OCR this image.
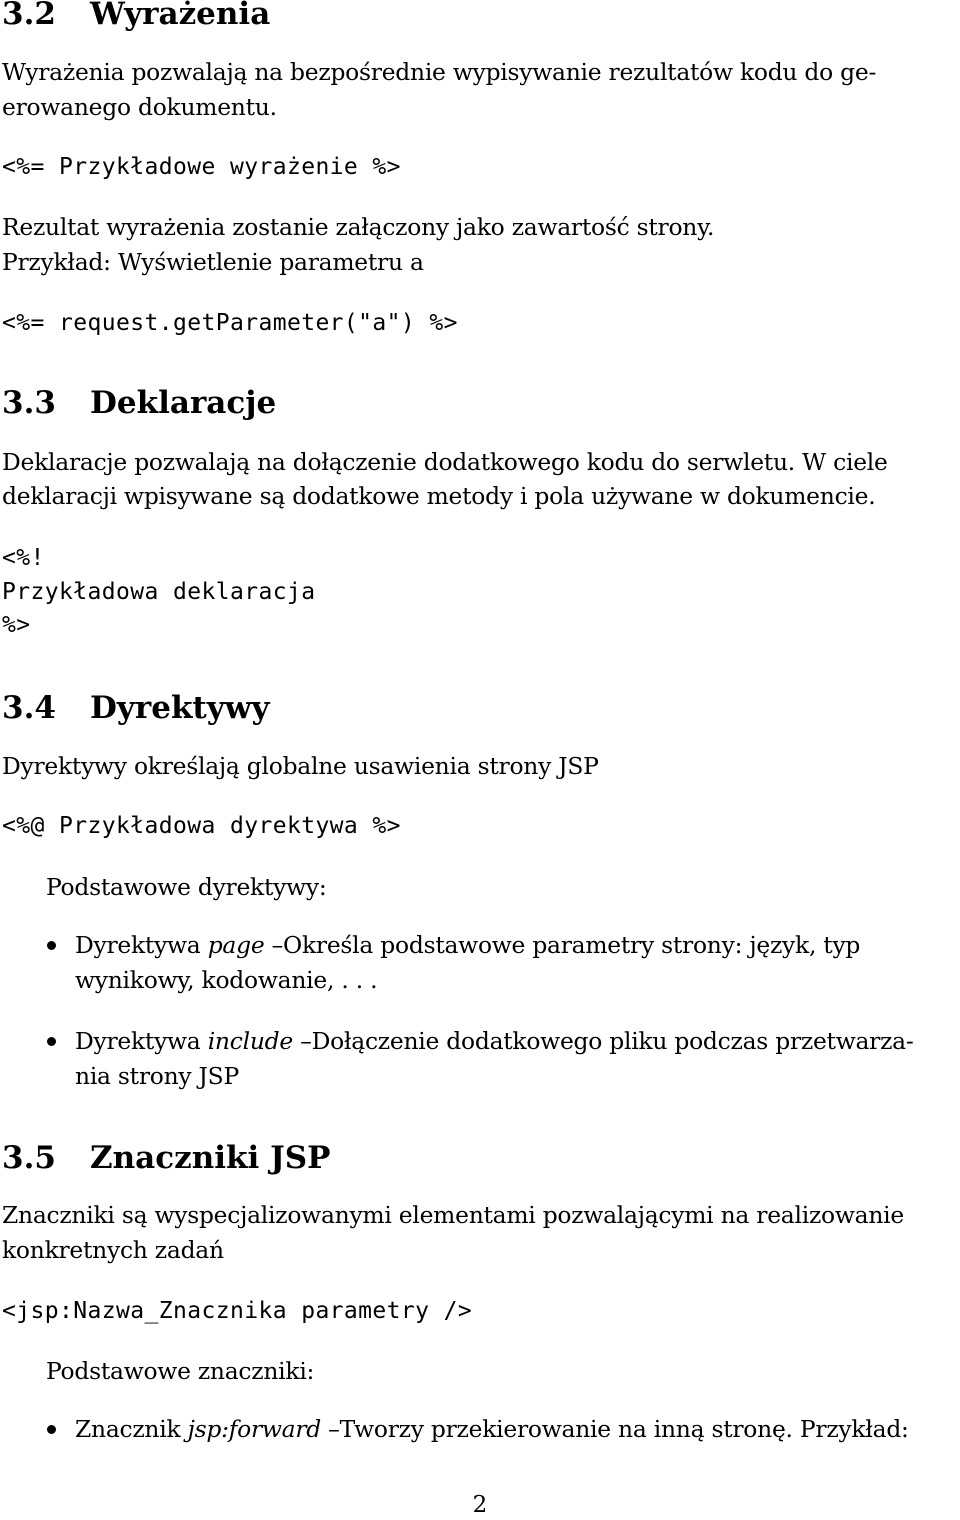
3.2 Wyrażenia

Wyrażenia pozwalają na bezpośrednie wypisywanie rezultatów kodu do ge-

erowanego dokumentu.

<%= Przykładowe wyrażenie %>

Rezultat wyrażenia zostanie załączony jako zawartość strony.

Przykład: Wyświetlenie parametru a

<%= request.getParameter("a") %>

3.3 Deklaracje

Deklaracje pozwalają na dołączenie dodatkowego kodu do serwletu. W ciele

deklaracji wpisywane są dodatkowe metody i pola używane w dokumencie.

<%!

Przykładowa deklaracja

%>

3.4 Dyrektywy

Dyrektywy określają globalne usawienia strony JSP

<%@ Przykładowa dyrektywa %>

Podstawowe dyrektywy:

Dyrektywa page –Określa podstawowe parametry strony: język, typ

wynikowy, kodowanie, . . .

Dyrektywa include –Dołączenie dodatkowego pliku podczas przetwarza-

nia strony JSP

3.5 Znaczniki JSP

Znaczniki są wyspecjalizowanymi elementami pozwalającymi na realizowanie

konkretnych zadań

<jsp:Nazwa_Znacznika parametry />

Podstawowe znaczniki:

Znacznik jsp:forward –Tworzy przekierowanie na inną stronę. Przykład:

2
